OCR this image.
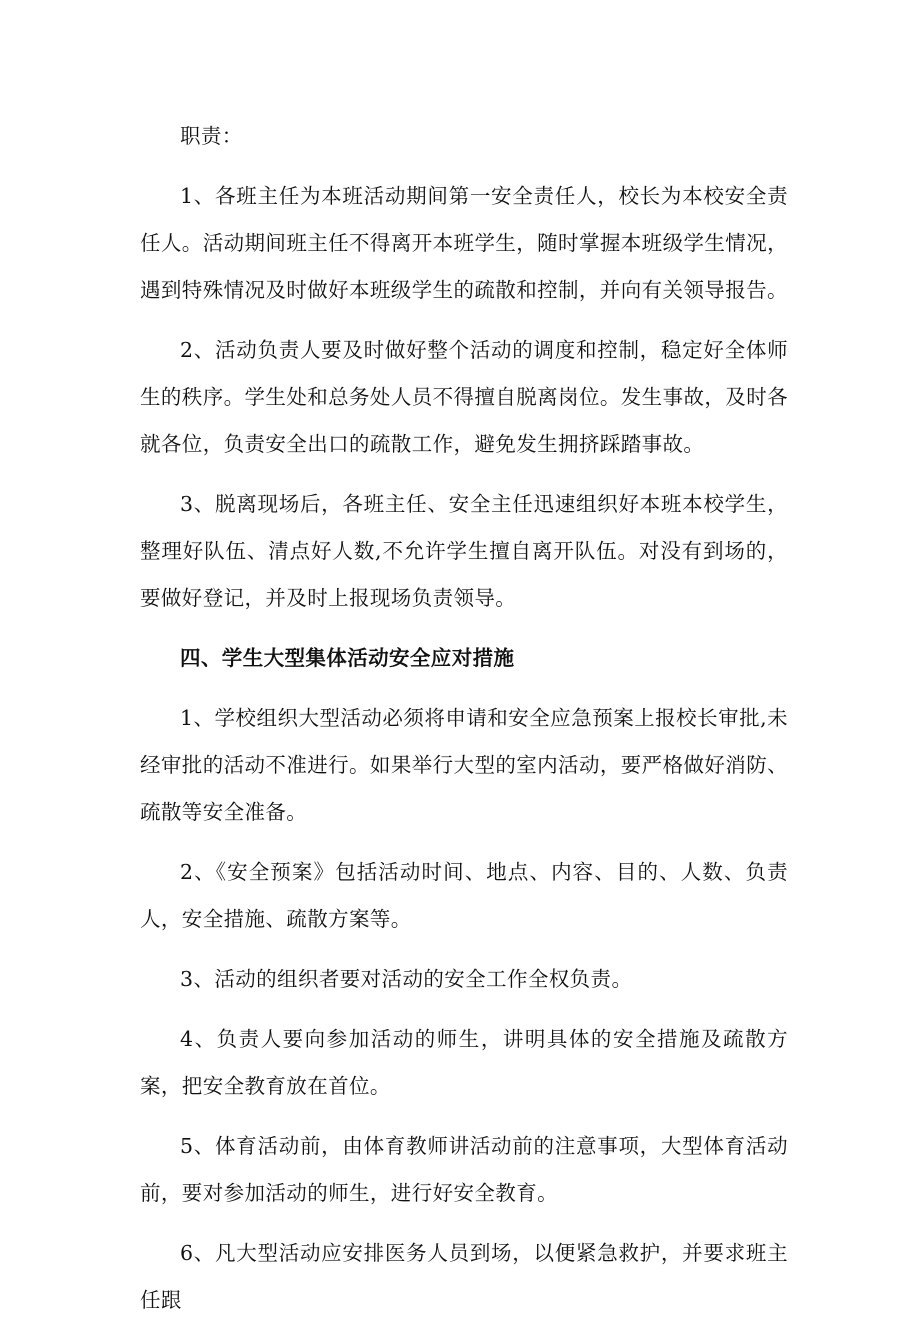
职责：

1、各班主任为本班活动期间第一安全责任人，校长为本校安全责任人。活动期间班主任不得离开本班学生，随时掌握本班级学生情况，遇到特殊情况及时做好本班级学生的疏散和控制，并向有关领导报告。

2、活动负责人要及时做好整个活动的调度和控制，稳定好全体师生的秩序。学生处和总务处人员不得擅自脱离岗位。发生事故，及时各就各位，负责安全出口的疏散工作，避免发生拥挤踩踏事故。

3、脱离现场后，各班主任、安全主任迅速组织好本班本校学生，整理好队伍、清点好人数,不允许学生擅自离开队伍。对没有到场的，要做好登记，并及时上报现场负责领导。

四、学生大型集体活动安全应对措施

1、学校组织大型活动必须将申请和安全应急预案上报校长审批,未经审批的活动不准进行。如果举行大型的室内活动，要严格做好消防、疏散等安全准备。

2、《安全预案》包括活动时间、地点、内容、目的、人数、负责人，安全措施、疏散方案等。

3、活动的组织者要对活动的安全工作全权负责。

4、负责人要向参加活动的师生，讲明具体的安全措施及疏散方案，把安全教育放在首位。

5、体育活动前，由体育教师讲活动前的注意事项，大型体育活动前，要对参加活动的师生，进行好安全教育。

6、凡大型活动应安排医务人员到场，以便紧急救护，并要求班主任跟
